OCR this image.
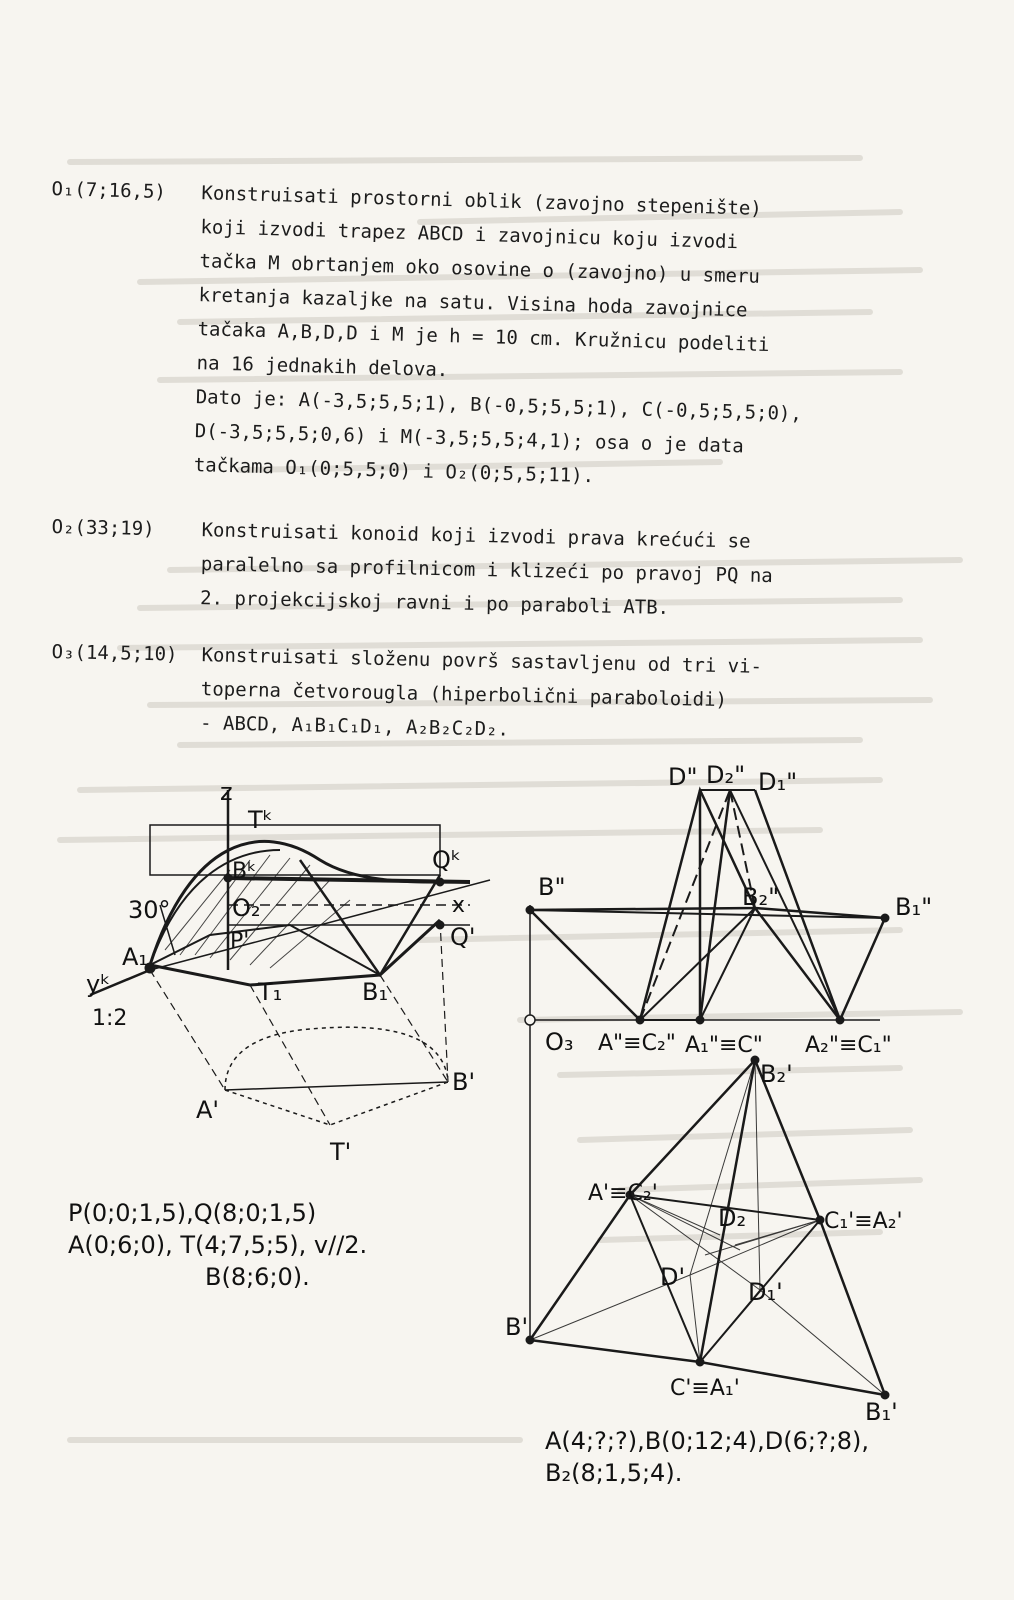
O₁(7;16,5)	Konstruisati prostorni oblik (zavojno stepenište)
koji izvodi trapez ABCD i zavojnicu koju izvodi
tačka M obrtanjem oko osovine o (zavojno) u smeru
kretanja kazaljke na satu. Visina hoda zavojnice
tačaka A,B,D,D i M je h = 10 cm. Kružnicu podeliti
na 16 jednakih delova.
Dato je: A(-3,5;5,5;1), B(-0,5;5,5;1), C(-0,5;5,5;0),
D(-3,5;5,5;0,6) i M(-3,5;5,5;4,1); osa o je data
tačkama O₁(0;5,5;0) i O₂(0;5,5;11).
O₂(33;19)	Konstruisati konoid koji izvodi prava krećući se
paralelno sa profilnicom i klizeći po pravoj PQ na
2. projekcijskoj ravni i po paraboli ATB.
O₃(14,5;10)	Konstruisati složenu površ sastavljenu od tri vi-
toperna četvorougla (hiperbolični paraboloidi)
- ABCD, A₁B₁C₁D₁, A₂B₂C₂D₂.
z
Tᵏ
Bᵏ	Qᵏ
30°	O₂
P'
x
Q'
A₁
yᵏ
1:2
T₁	B₁
B'
A'
T'
D" D₂" D₁"
B"	B₂"	B₁"
O₃ A"≡C₂" A₁"≡C" A₂"≡C₁"
B₂'
A'≡C₂'
D₂	C₁'≡A₂'
D'
D₁'
B'
C'≡A₁'
B₁'
P(0;0;1,5),Q(8;0;1,5)
A(0;6;0), T(4;7,5;5), v//2.
B(8;6;0).
A(4;?;?),B(0;12;4),D(6;?;8),
B₂(8;1,5;4).
